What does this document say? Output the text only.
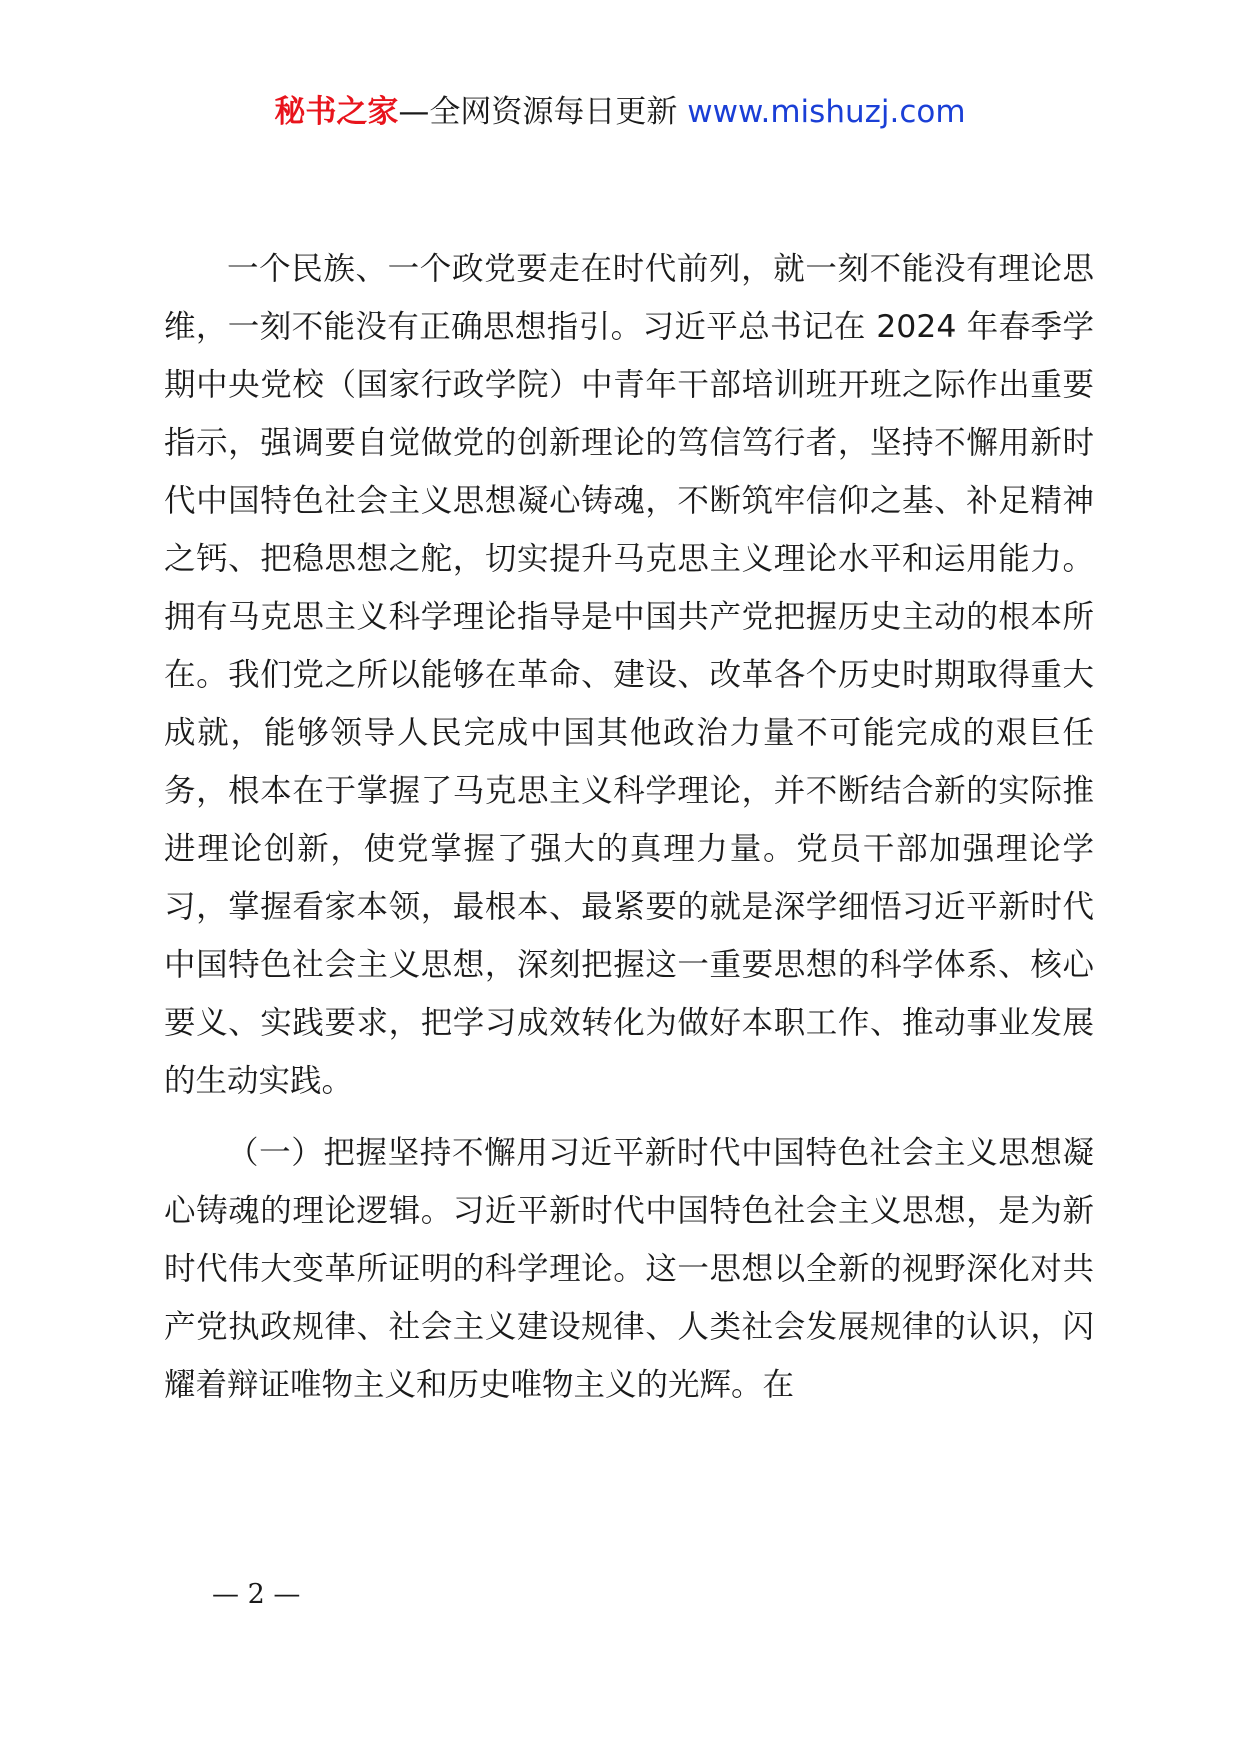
秘书之家—全网资源每日更新 www.mishuzj.com

一个民族、一个政党要走在时代前列，就一刻不能没有理论思维，一刻不能没有正确思想指引。习近平总书记在 2024 年春季学期中央党校（国家行政学院）中青年干部培训班开班之际作出重要指示，强调要自觉做党的创新理论的笃信笃行者，坚持不懈用新时代中国特色社会主义思想凝心铸魂，不断筑牢信仰之基、补足精神之钙、把稳思想之舵，切实提升马克思主义理论水平和运用能力。拥有马克思主义科学理论指导是中国共产党把握历史主动的根本所在。我们党之所以能够在革命、建设、改革各个历史时期取得重大成就，能够领导人民完成中国其他政治力量不可能完成的艰巨任务，根本在于掌握了马克思主义科学理论，并不断结合新的实际推进理论创新，使党掌握了强大的真理力量。党员干部加强理论学习，掌握看家本领，最根本、最紧要的就是深学细悟习近平新时代中国特色社会主义思想，深刻把握这一重要思想的科学体系、核心要义、实践要求，把学习成效转化为做好本职工作、推动事业发展的生动实践。

（一）把握坚持不懈用习近平新时代中国特色社会主义思想凝心铸魂的理论逻辑。习近平新时代中国特色社会主义思想，是为新时代伟大变革所证明的科学理论。这一思想以全新的视野深化对共产党执政规律、社会主义建设规律、人类社会发展规律的认识，闪耀着辩证唯物主义和历史唯物主义的光辉。在

— 2 —
